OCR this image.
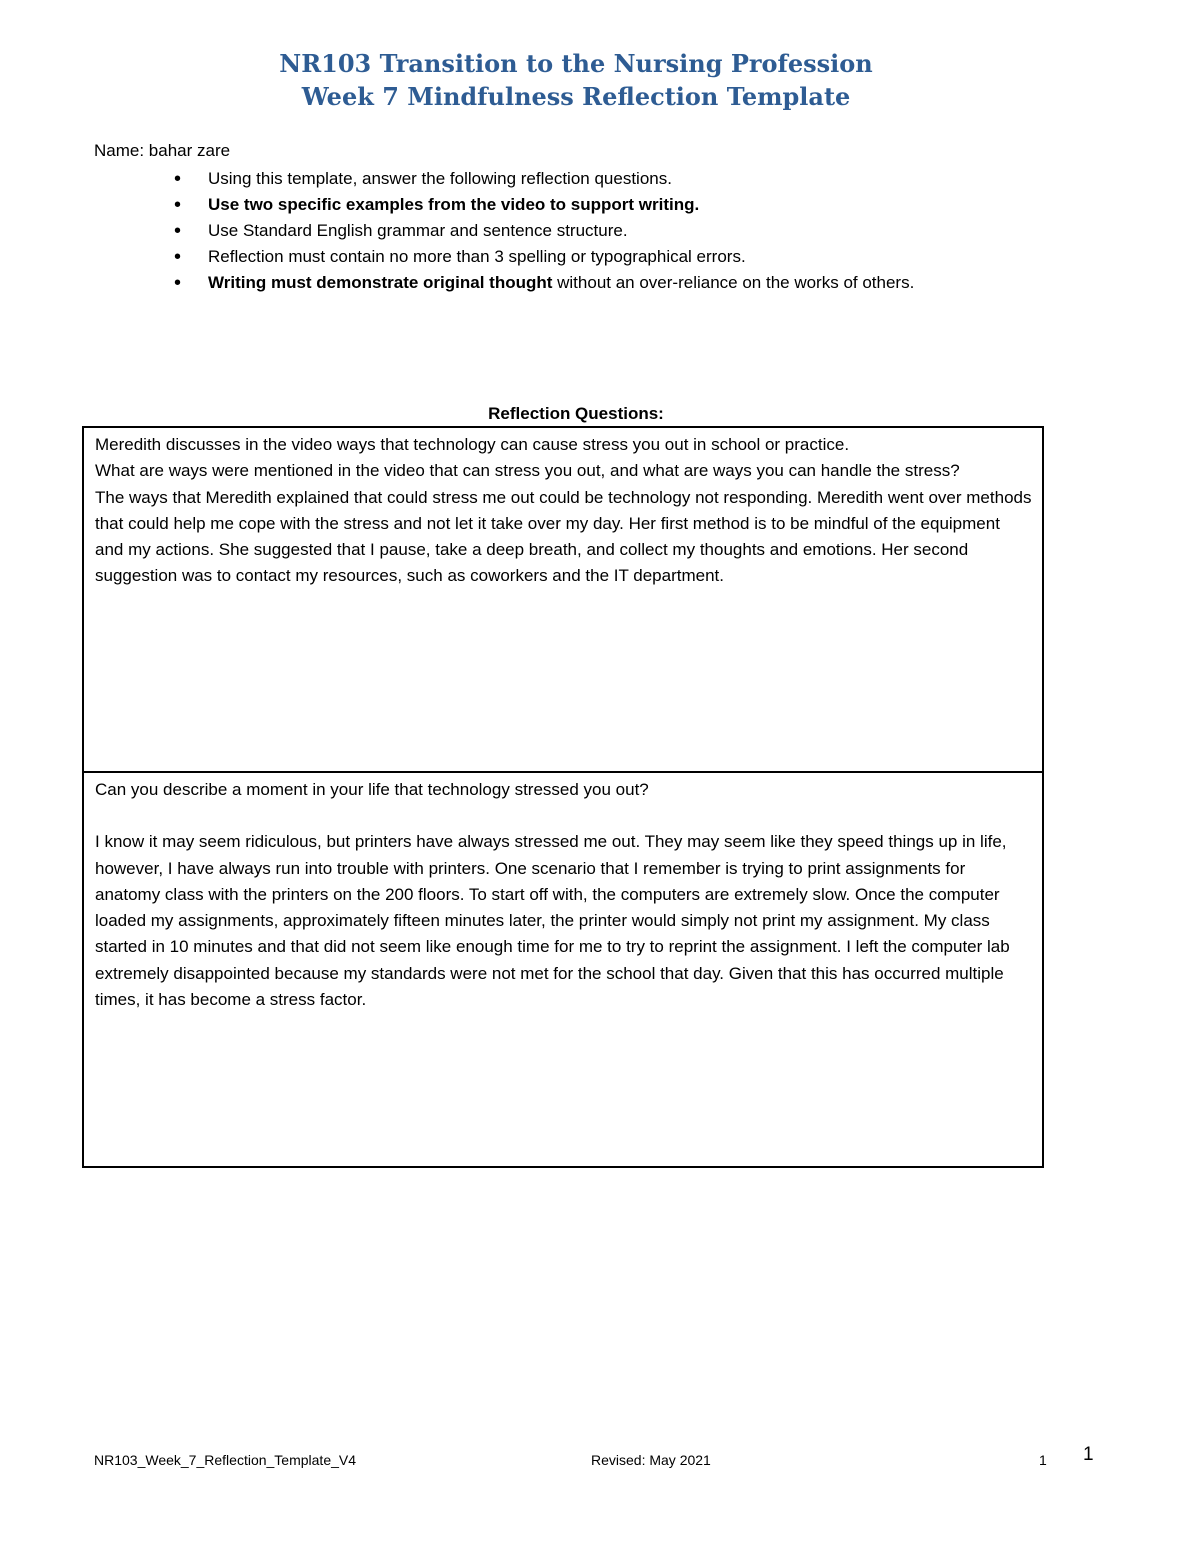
NR103 Transition to the Nursing Profession
Week 7 Mindfulness Reflection Template
Name: bahar zare
• Using this template, answer the following reflection questions.
• Use two specific examples from the video to support writing.
• Use Standard English grammar and sentence structure.
• Reflection must contain no more than 3 spelling or typographical errors.
• Writing must demonstrate original thought without an over-reliance on the works of others.
Reflection Questions:

Meredith discusses in the video ways that technology can cause stress you out in school or practice.

What are ways were mentioned in the video that can stress you out, and what are ways you can handle the stress?

The ways that Meredith explained that could stress me out could be technology not responding. Meredith went over methods that could help me cope with the stress and not let it take over my day. Her first method is to be mindful of the equipment and my actions. She suggested that I pause, take a deep breath, and collect my thoughts and emotions. Her second suggestion was to contact my resources, such as coworkers and the IT department.

Can you describe a moment in your life that technology stressed you out?

I know it may seem ridiculous, but printers have always stressed me out. They may seem like they speed things up in life, however, I have always run into trouble with printers. One scenario that I remember is trying to print assignments for anatomy class with the printers on the 200 floors. To start off with, the computers are extremely slow. Once the computer loaded my assignments, approximately fifteen minutes later, the printer would simply not print my assignment. My class started in 10 minutes and that did not seem like enough time for me to try to reprint the assignment. I left the computer lab extremely disappointed because my standards were not met for the school that day. Given that this has occurred multiple times, it has become a stress factor.

NR103_Week_7_Reflection_Template_V4	Revised: May 2021	1 1
